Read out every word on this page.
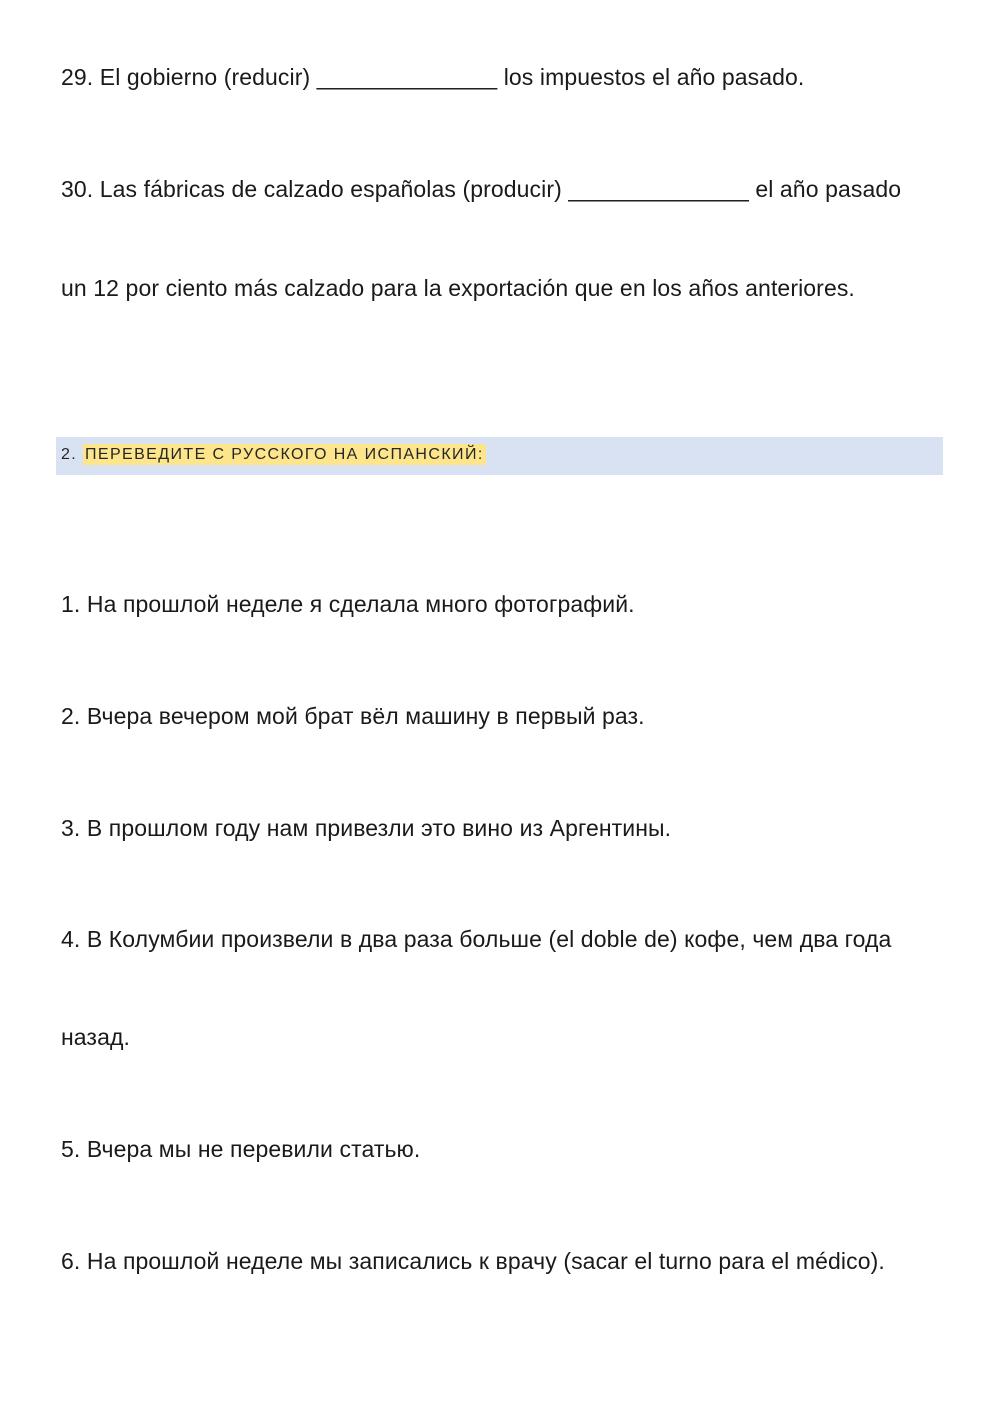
29. El gobierno (reducir) ______________ los impuestos el año pasado.
30. Las fábricas de calzado españolas (producir) ______________ el año pasado
un 12 por ciento más calzado para la exportación que en los años anteriores.
2. ПЕРЕВЕДИТЕ С РУССКОГО НА ИСПАНСКИЙ:
1. На прошлой неделе я сделала много фотографий.
2. Вчера вечером мой брат вёл машину в первый раз.
3. В прошлом году нам привезли это вино из Аргентины.
4. В Колумбии произвели в два раза больше (el doble de) кофе, чем два года
назад.
5. Вчера мы не перевили статью.
6. На прошлой неделе мы записались к врачу (sacar el turno para el médico).
